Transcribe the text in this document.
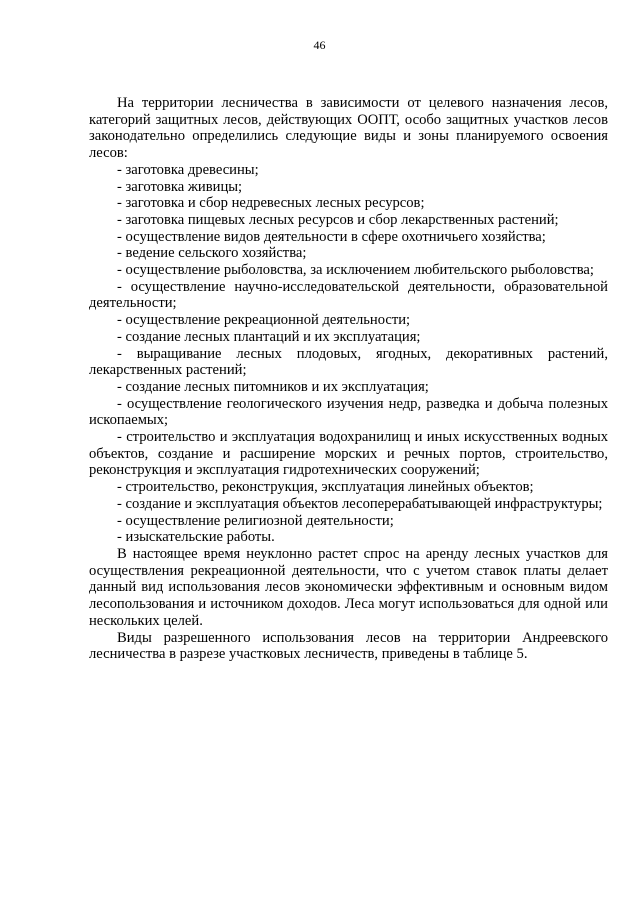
46

На территории лесничества в зависимости от целевого назначения лесов, категорий защитных лесов, действующих ООПТ, особо защитных участков лесов законодательно определились следующие виды и зоны планируемого освоения лесов:

- заготовка древесины;

- заготовка живицы;

- заготовка и сбор недревесных лесных ресурсов;

- заготовка пищевых лесных ресурсов и сбор лекарственных растений;

- осуществление видов деятельности в сфере охотничьего хозяйства;

- ведение сельского хозяйства;

- осуществление рыболовства, за исключением любительского рыболовства;

- осуществление научно-исследовательской деятельности, образовательной деятельности;

- осуществление рекреационной деятельности;

- создание лесных плантаций и их эксплуатация;

- выращивание лесных плодовых, ягодных, декоративных растений, лекарственных растений;

- создание лесных питомников и их эксплуатация;

- осуществление геологического изучения недр, разведка и добыча полезных ископаемых;

- строительство и эксплуатация водохранилищ и иных искусственных водных объектов, создание и расширение морских и речных портов, строительство, реконструкция и эксплуатация гидротехнических сооружений;

- строительство, реконструкция, эксплуатация линейных объектов;

- создание и эксплуатация объектов лесоперерабатывающей инфраструктуры;

- осуществление религиозной деятельности;

- изыскательские работы.

В настоящее время неуклонно растет спрос на аренду лесных участков для осуществления рекреационной деятельности, что с учетом ставок платы делает данный вид использования лесов экономически эффективным и основным видом лесопользования и источником доходов. Леса могут использоваться для одной или нескольких целей.

Виды разрешенного использования лесов на территории Андреевского лесничества в разрезе участковых лесничеств, приведены в таблице 5.
